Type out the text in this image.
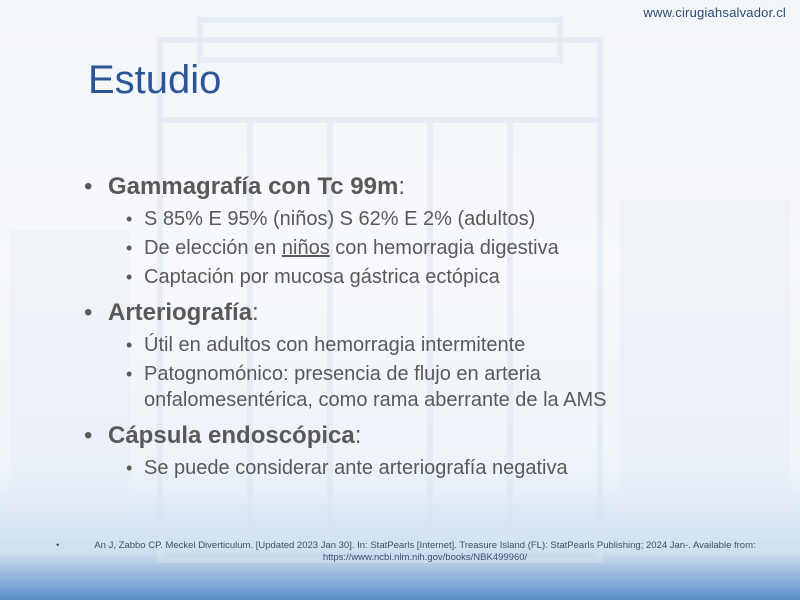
www.cirugiahsalvador.cl
Estudio
• Gammagrafía con Tc 99m:
• S 85% E 95% (niños) S 62% E 2% (adultos)
• De elección en niños con hemorragia digestiva
• Captación por mucosa gástrica ectópica
• Arteriografía:
• Útil en adultos con hemorragia intermitente
• Patognomónico: presencia de flujo en arteria onfalomesentérica, como rama aberrante de la AMS
• Cápsula endoscópica:
• Se puede considerar ante arteriografía negativa
•	An J, Zabbo CP. Meckel Diverticulum. [Updated 2023 Jan 30]. In: StatPearls [Internet]. Treasure Island (FL): StatPearls Publishing; 2024 Jan-. Available from: https://www.ncbi.nlm.nih.gov/books/NBK499960/
